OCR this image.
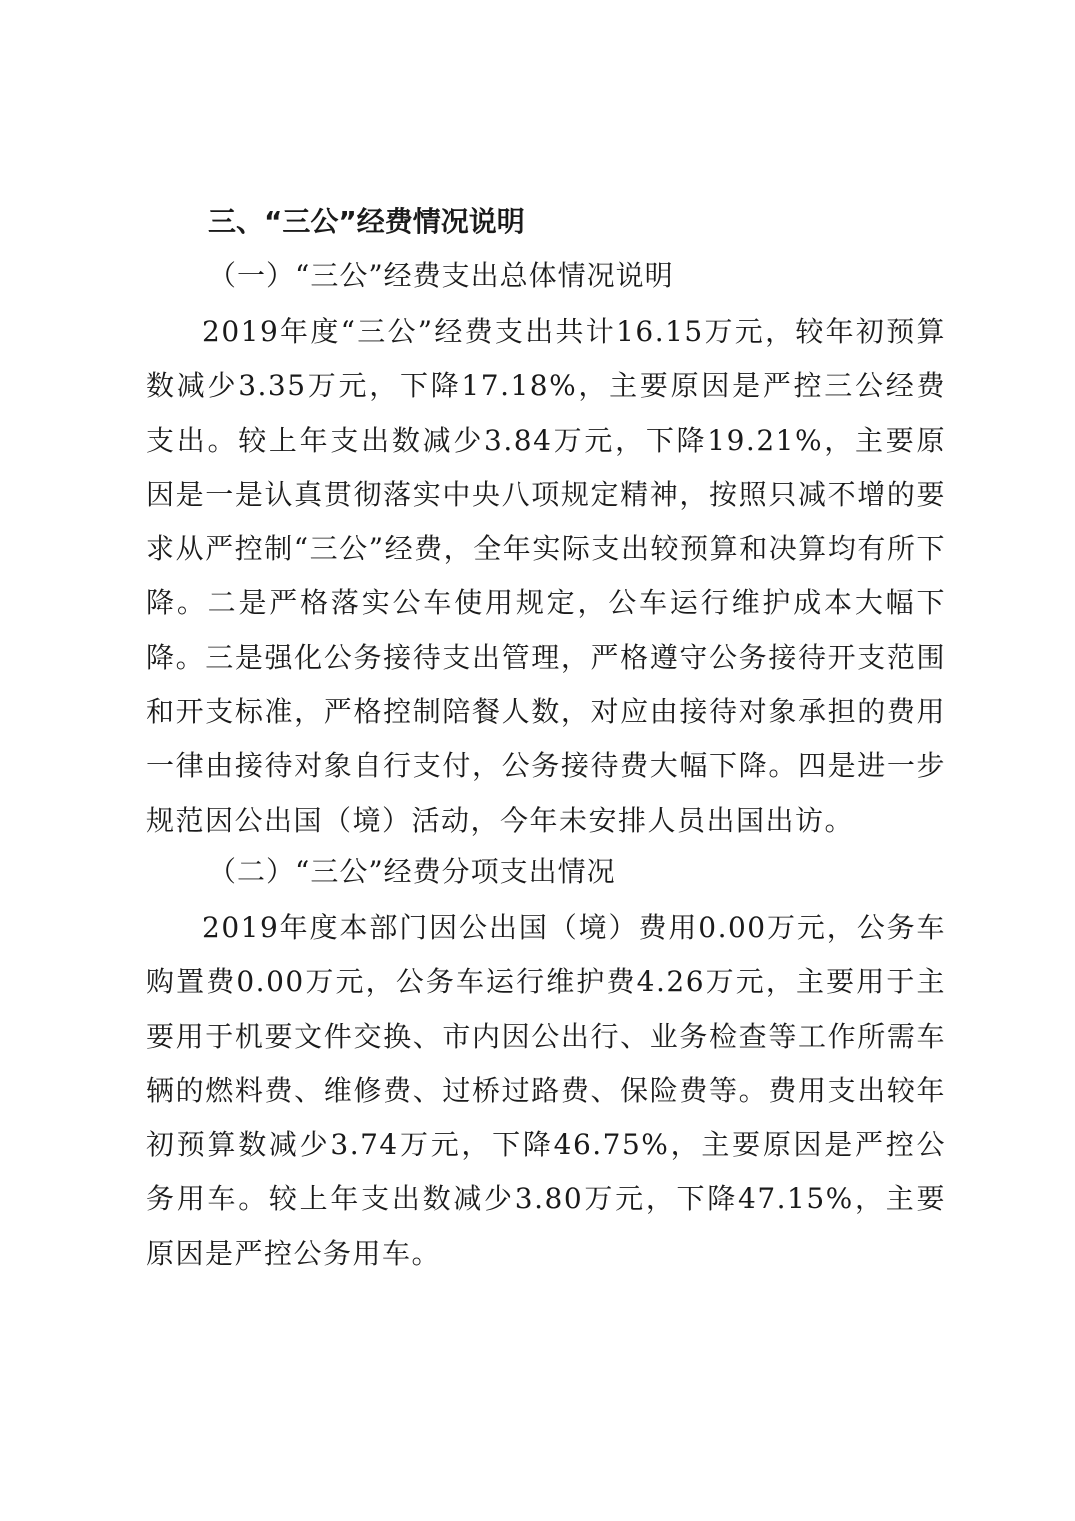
三、“三公”经费情况说明
（一）“三公”经费支出总体情况说明
2019年度“三公”经费支出共计16.15万元，较年初预算数减少3.35万元，下降17.18%，主要原因是严控三公经费支出。较上年支出数减少3.84万元，下降19.21%，主要原因是一是认真贯彻落实中央八项规定精神，按照只减不增的要求从严控制“三公”经费，全年实际支出较预算和决算均有所下降。二是严格落实公车使用规定，公车运行维护成本大幅下降。三是强化公务接待支出管理，严格遵守公务接待开支范围和开支标准，严格控制陪餐人数，对应由接待对象承担的费用一律由接待对象自行支付，公务接待费大幅下降。四是进一步规范因公出国（境）活动，今年未安排人员出国出访。
（二）“三公”经费分项支出情况
2019年度本部门因公出国（境）费用0.00万元，公务车购置费0.00万元，公务车运行维护费4.26万元，主要用于主要用于机要文件交换、市内因公出行、业务检查等工作所需车辆的燃料费、维修费、过桥过路费、保险费等。费用支出较年初预算数减少3.74万元，下降46.75%，主要原因是严控公务用车。较上年支出数减少3.80万元，下降47.15%，主要原因是严控公务用车。
